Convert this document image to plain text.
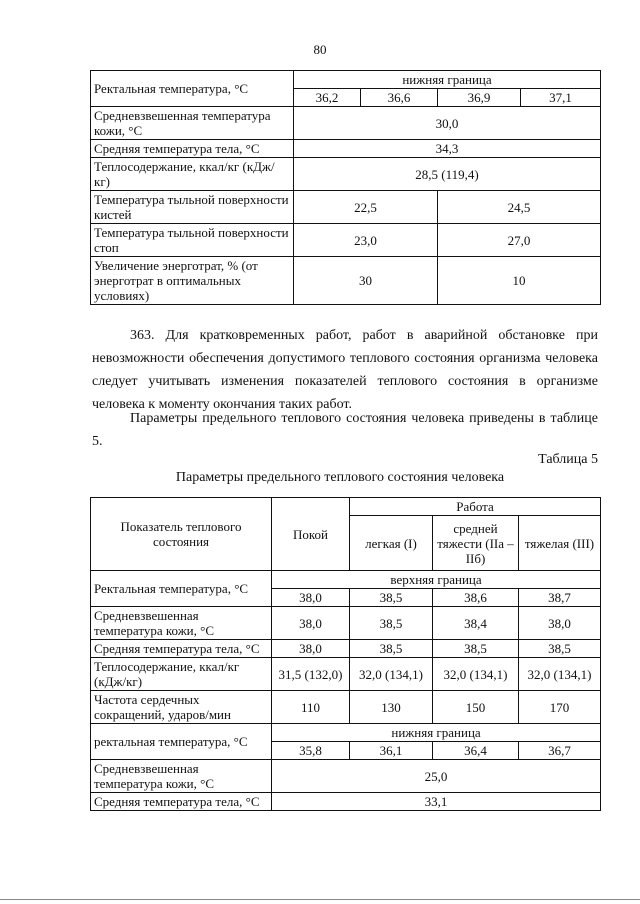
80
Ректальная температура, °С	нижняя граница			
	36,2	36,6	36,9	37,1
Средневзвешенная температура кожи, °С	30,0			
Средняя температура тела, °С	34,3			
Теплосодержание, ккал/кг (кДж/кг)	28,5 (119,4)			
Температура тыльной поверхности кистей	22,5		24,5	
Температура тыльной поверхности стоп	23,0		27,0	
Увеличение энерготрат, % (от энерготрат в оптимальных условиях)	30		10	
363. Для кратковременных работ, работ в аварийной обстановке при невозможности обеспечения допустимого теплового состояния организма человека следует учитывать изменения показателей теплового состояния в организме человека к моменту окончания таких работ.
Параметры предельного теплового состояния человека приведены в таблице 5.
Таблица 5
Параметры предельного теплового состояния человека
Показатель теплового состояния	Покой	Работа		
		легкая (I)	средней тяжести (IIа – IIб)	тяжелая (III)
Ректальная температура, °С	верхняя граница			
	38,0	38,5	38,6	38,7
Средневзвешенная температура кожи, °С	38,0	38,5	38,4	38,0
Средняя температура тела, °С	38,0	38,5	38,5	38,5
Теплосодержание, ккал/кг (кДж/кг)	31,5 (132,0)	32,0 (134,1)	32,0 (134,1)	32,0 (134,1)
Частота сердечных сокращений, ударов/мин	110	130	150	170
ректальная температура, °С	нижняя граница			
	35,8	36,1	36,4	36,7
Средневзвешенная температура кожи, °С	25,0			
Средняя температура тела, °С	33,1			
